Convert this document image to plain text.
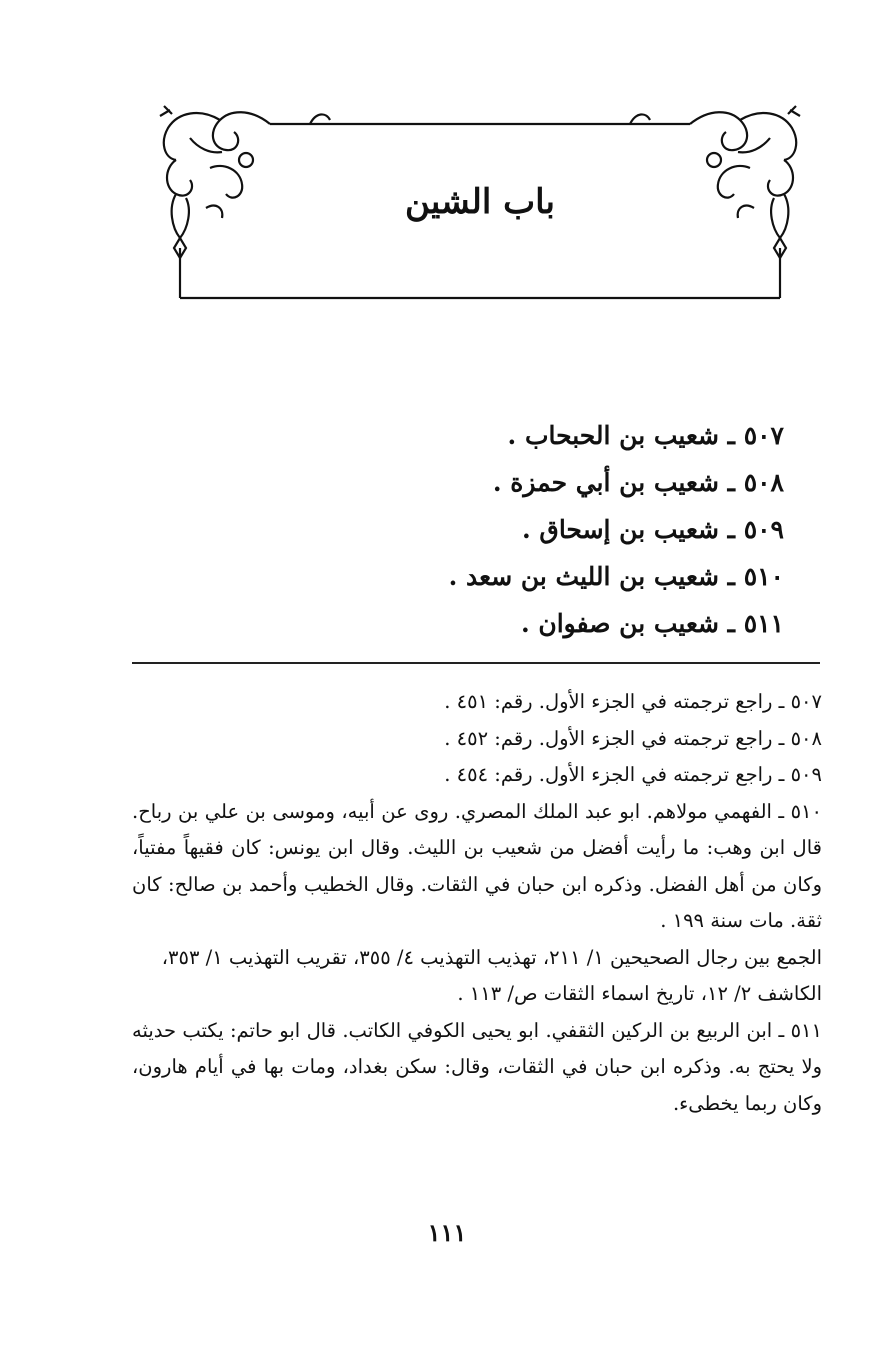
باب الشين
٥٠٧ ـ شعيب بن الحبحاب .
٥٠٨ ـ شعيب بن أبي حمزة .
٥٠٩ ـ شعيب بن إسحاق .
٥١٠ ـ شعيب بن الليث بن سعد .
٥١١ ـ شعيب بن صفوان .

٥٠٧ ـ راجع ترجمته في الجزء الأول. رقم: ٤٥١ .

٥٠٨ ـ راجع ترجمته في الجزء الأول. رقم: ٤٥٢ .

٥٠٩ ـ راجع ترجمته في الجزء الأول. رقم: ٤٥٤ .

٥١٠ ـ الفهمي مولاهم. ابو عبد الملك المصري. روى عن أبيه، وموسى بن علي بن رباح. قال ابن وهب: ما رأيت أفضل من شعيب بن الليث. وقال ابن يونس: كان فقيهاً مفتياً، وكان من أهل الفضل. وذكره ابن حبان في الثقات. وقال الخطيب وأحمد بن صالح: كان ثقة. مات سنة ١٩٩ .

الجمع بين رجال الصحيحين ١/ ٢١١، تهذيب التهذيب ٤/ ٣٥٥، تقريب التهذيب ١/ ٣٥٣، الكاشف ٢/ ١٢، تاريخ اسماء الثقات ص/ ١١٣ .

٥١١ ـ ابن الربيع بن الركين الثقفي. ابو يحيى الكوفي الكاتب. قال ابو حاتم: يكتب حديثه ولا يحتج به. وذكره ابن حبان في الثقات، وقال: سكن بغداد، ومات بها في أيام هارون، وكان ربما يخطىء.

١١١
